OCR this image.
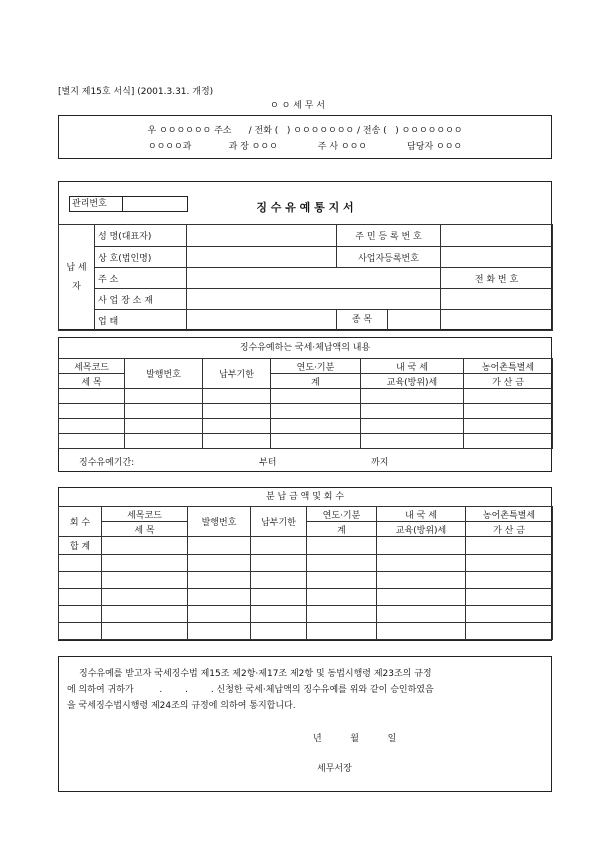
[별지 제15호 서식] (2001.3.31. 개정)
ㅇ ㅇ 세 무 서
우 ㅇㅇㅇㅇㅇㅇ 주소      / 전화 (   ) ㅇㅇㅇㅇㅇㅇㅇ / 전송 (   ) ㅇㅇㅇㅇㅇㅇㅇ
ㅇㅇㅇㅇ과             과 장 ㅇㅇㅇ              주 사 ㅇㅇㅇ              담당자 ㅇㅇㅇ
관리번호	징 수 유 예 통 지 서
납 세 자	성 명(대표자)		주 민 등 록 번 호	
	상 호(법인명)		사업자등록번호	
	주 소			전 화 번 호
	사 업 장 소 재			
	업 태		종 목	

징수유예하는 국세·체납액의 내용
세목코드	발행번호	납부기한	연도·기분	내 국 세	농어촌특별세
세 목			계	교육(방위)세	가 산 금

징수유예기간:	부터	까지
분 납 금 액 및 회 수
회 수	세목코드	발행번호	납부기한	연도·기분	내 국 세	농어촌특별세
	세 목			계	교육(방위)세	가 산 금
합 계						

징수유예를 받고자 국세징수법 제15조 제2항·제17조 제2항 및 동법시행령 제23조의 규정
에 의하여 귀하가         .        .        . 신청한 국세·체납액의 징수유예를 위와 같이 승인하였음
을 국세징수법시행령 제24조의 규정에 의하여 통지합니다.
년          월          일
세무서장
